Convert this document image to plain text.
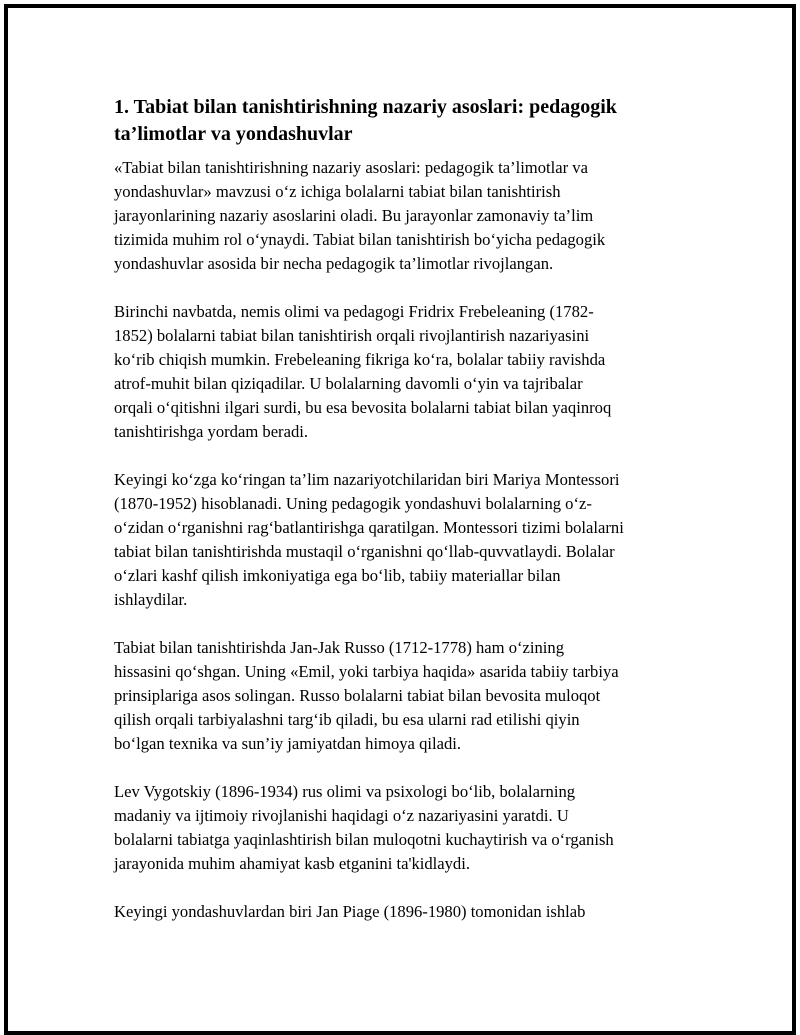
1. Tabiat bilan tanishtirishning nazariy asoslari: pedagogik
ta’limotlar va yondashuvlar

«Tabiat bilan tanishtirishning nazariy asoslari: pedagogik ta’limotlar va
yondashuvlar» mavzusi o‘z ichiga bolalarni tabiat bilan tanishtirish
jarayonlarining nazariy asoslarini oladi. Bu jarayonlar zamonaviy ta’lim
tizimida muhim rol o‘ynaydi. Tabiat bilan tanishtirish bo‘yicha pedagogik
yondashuvlar asosida bir necha pedagogik ta’limotlar rivojlangan.

Birinchi navbatda, nemis olimi va pedagogi Fridrix Frebeleaning (1782-
1852) bolalarni tabiat bilan tanishtirish orqali rivojlantirish nazariyasini
ko‘rib chiqish mumkin. Frebeleaning fikriga ko‘ra, bolalar tabiiy ravishda
atrof-muhit bilan qiziqadilar. U bolalarning davomli o‘yin va tajribalar
orqali o‘qitishni ilgari surdi, bu esa bevosita bolalarni tabiat bilan yaqinroq
tanishtirishga yordam beradi.

Keyingi ko‘zga ko‘ringan ta’lim nazariyotchilaridan biri Mariya Montessori
(1870-1952) hisoblanadi. Uning pedagogik yondashuvi bolalarning o‘z-
o‘zidan o‘rganishni rag‘batlantirishga qaratilgan. Montessori tizimi bolalarni
tabiat bilan tanishtirishda mustaqil o‘rganishni qo‘llab-quvvatlaydi. Bolalar
o‘zlari kashf qilish imkoniyatiga ega bo‘lib, tabiiy materiallar bilan
ishlaydilar.

Tabiat bilan tanishtirishda Jan-Jak Russo (1712-1778) ham o‘zining
hissasini qo‘shgan. Uning «Emil, yoki tarbiya haqida» asarida tabiiy tarbiya
prinsiplariga asos solingan. Russo bolalarni tabiat bilan bevosita muloqot
qilish orqali tarbiyalashni targ‘ib qiladi, bu esa ularni rad etilishi qiyin
bo‘lgan texnika va sun’iy jamiyatdan himoya qiladi.

Lev Vygotskiy (1896-1934) rus olimi va psixologi bo‘lib, bolalarning
madaniy va ijtimoiy rivojlanishi haqidagi o‘z nazariyasini yaratdi. U
bolalarni tabiatga yaqinlashtirish bilan muloqotni kuchaytirish va o‘rganish
jarayonida muhim ahamiyat kasb etganini ta'kidlaydi.

Keyingi yondashuvlardan biri Jan Piage (1896-1980) tomonidan ishlab
